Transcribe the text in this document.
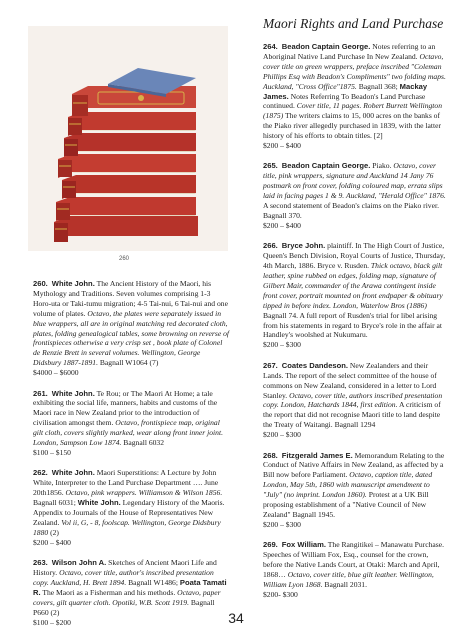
260
260. White John. The Ancient History of the Maori, his Mythology and Traditions. Seven volumes comprising 1-3 Horo-uta or Taki-tumu migration; 4-5 Tai-nui, 6 Tai-nui and one volume of plates. Octavo, the plates were separately issued in blue wrappers, all are in original matching red decorated cloth, plates, folding genealogical tables, some browning on reverse of frontispieces otherwise a very crisp set , book plate of Colonel de Renzie Brett in several volumes. Wellington, George Didsbury 1887-1891. Bagnall W1064 (7)
$4000 – $6000
261. White John. Te Rou; or The Maori At Home; a tale exhibiting the social life, manners, habits and customs of the Maori race in New Zealand prior to the introduction of civilisation amongst them. Octavo, frontispiece map, original gilt cloth, covers slightly marked, wear along front inner joint. London, Sampson Low 1874. Bagnall 6032
$100 – $150
262. White John. Maori Superstitions: A Lecture by John White, Interpreter to the Land Purchase Department …. June 20th1856. Octavo, pink wrappers. Williamson & Wilson 1856. Bagnall 6031; White John. Legendary History of the Maoris. Appendix to Journals of the House of Representatives New Zealand. Vol ii, G, - 8, foolscap. Wellington, George Didsbury 1880 (2)
$200 – $400
263. Wilson John A. Sketches of Ancient Maori Life and History. Octavo, cover title, author's inscribed presentation copy. Auckland, H. Brett 1894. Bagnall W1486; Poata Tamati R. The Maori as a Fisherman and his methods. Octavo, paper covers, gilt quarter cloth. Opotiki, W.B. Scott 1919. Bagnall P660 (2)
$100 – $200
Maori Rights and Land Purchase
264. Beadon Captain George. Notes referring to an Aboriginal Native Land Purchase In New Zealand. Octavo, cover title on green wrappers, preface inscribed "Coleman Phillips Esq with Beadon's Compliments" two folding maps. Auckland, "Cross Office"1875. Bagnall 368; Mackay James. Notes Referring To Beadon's Land Purchase continued. Cover title, 11 pages. Robert Burrett Wellington (1875) The writers claims to 15, 000 acres on the banks of the Piako river allegedly purchased in 1839, with the latter history of his efforts to obtain titles. [2]
$200 – $400
265. Beadon Captain George. Piako. Octavo, cover title, pink wrappers, signature and Auckland 14 Jany 76 postmark on front cover, folding coloured map, errata slips laid in facing pages 1 & 9. Auckland, "Herald Office" 1876. A second statement of Beadon's claims on the Piako river. Bagnall 370.
$200 – $400
266. Bryce John. plaintiff. In The High Court of Justice, Queen's Bench Division, Royal Courts of Justice, Thursday, 4th March, 1886. Bryce v. Rusden. Thick octavo, black gilt leather, spine rubbed on edges, folding map, signature of Gilbert Mair, commander of the Arawa contingent inside front cover, portrait mounted on front endpaper & obituary tipped in before index. London, Waterlow Bros (1886) Bagnall 74. A full report of Rusden's trial for libel arising from his statements in regard to Bryce's role in the affair at Handley's woolshed at Nukumaru.
$200 – $300
267. Coates Dandeson. New Zealanders and their Lands. The report of the select committee of the house of commons on New Zealand, considered in a letter to Lord Stanley. Octavo, cover title, authors inscribed presentation copy. London, Hatchards 1844, first edition. A criticism of the report that did not recognise Maori title to land despite the Treaty of Waitangi. Bagnall 1294
$200 – $300
268. Fitzgerald James E. Memorandum Relating to the Conduct of Native Affairs in New Zealand, as affected by a Bill now before Parliament. Octavo, caption title, dated London, May 5th, 1860 with manuscript amendment to "July" (no imprint. London 1860). Protest at a UK Bill proposing establishment of a "Native Council of New Zealand" Bagnall 1945.
$200 – $300
269. Fox William. The Rangitikei – Manawatu Purchase. Speeches of William Fox, Esq., counsel for the crown, before the Native Lands Court, at Otaki: March and April, 1868… Octavo, cover title, blue gilt leather. Wellington, William Lyon 1868. Bagnall 2031.
$200- $300
34
